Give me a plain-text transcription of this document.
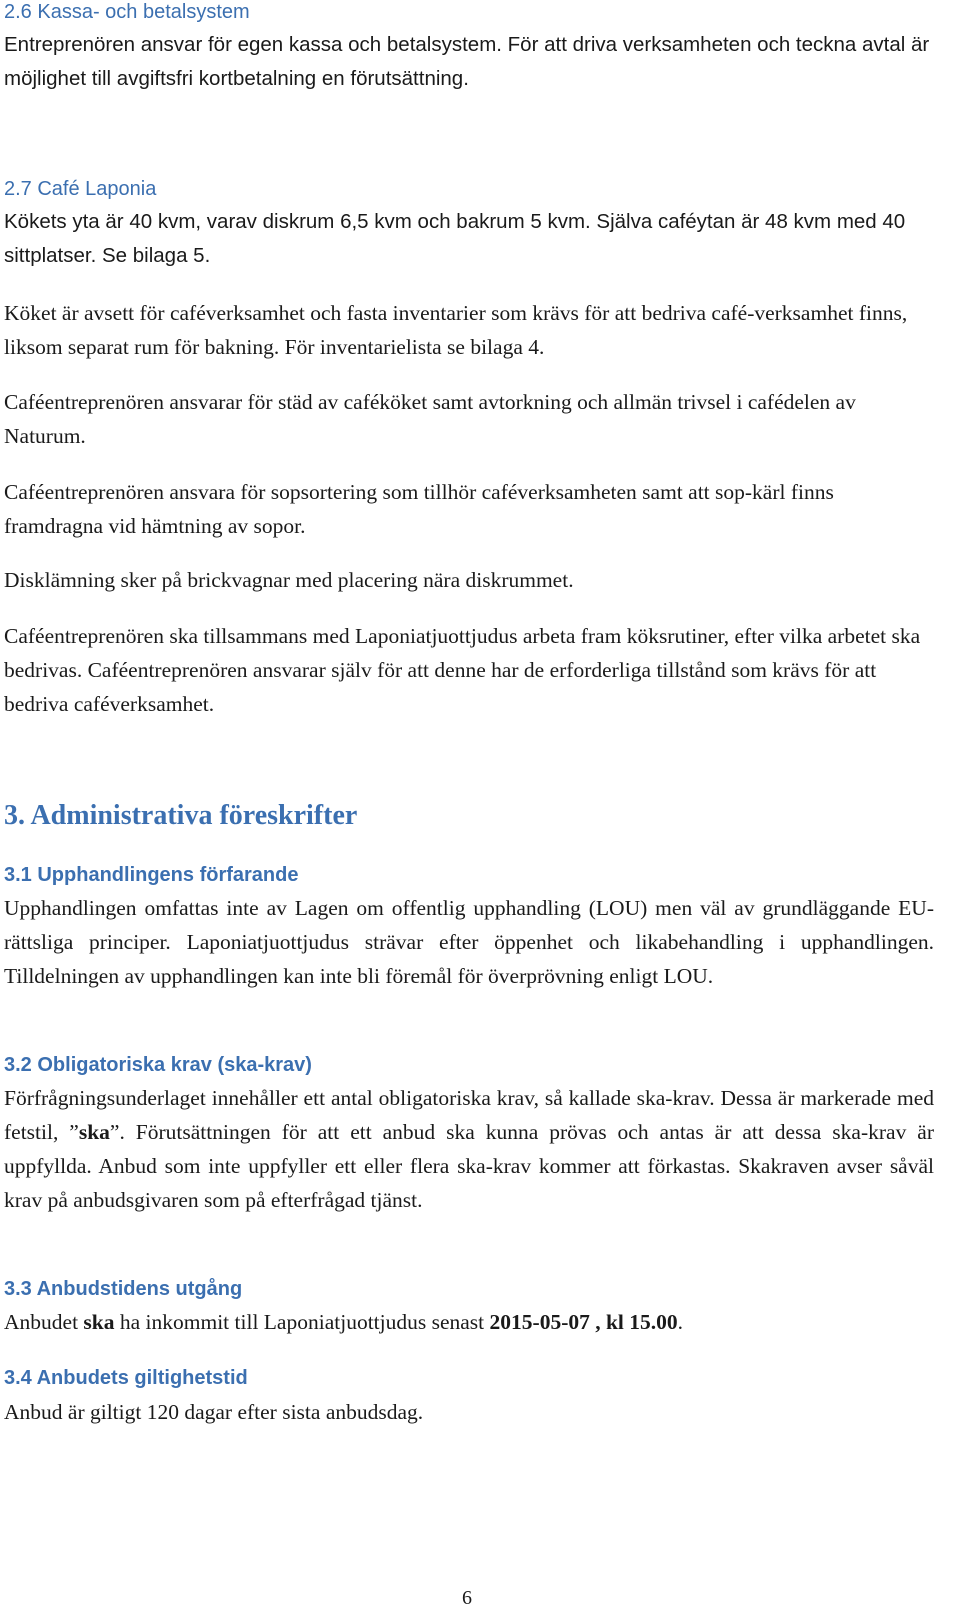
2.6 Kassa- och betalsystem

Entreprenören ansvar för egen kassa och betalsystem. För att driva verksamheten och teckna avtal är möjlighet till avgiftsfri kortbetalning en förutsättning.

2.7 Café Laponia

Kökets yta är 40 kvm, varav diskrum 6,5 kvm och bakrum 5 kvm. Själva caféytan är 48 kvm med 40 sittplatser. Se bilaga 5.

Köket är avsett för caféverksamhet och fasta inventarier som krävs för att bedriva café-verksamhet finns, liksom separat rum för bakning. För inventarielista se bilaga 4.

Caféentreprenören ansvarar för städ av caféköket samt avtorkning och allmän trivsel i cafédelen av Naturum.

Caféentreprenören ansvara för sopsortering som tillhör caféverksamheten samt att sop-kärl finns framdragna vid hämtning av sopor.

Disklämning sker på brickvagnar med placering nära diskrummet.

Caféentreprenören ska tillsammans med Laponiatjuottjudus arbeta fram köksrutiner, efter vilka arbetet ska bedrivas. Caféentreprenören ansvarar själv för att denne har de erforderliga tillstånd som krävs för att bedriva caféverksamhet.

3. Administrativa föreskrifter
3.1 Upphandlingens förfarande

Upphandlingen omfattas inte av Lagen om offentlig upphandling (LOU) men väl av grundläggande EU-rättsliga principer. Laponiatjuottjudus strävar efter öppenhet och likabehandling i upphandlingen. Tilldelningen av upphandlingen kan inte bli föremål för överprövning enligt LOU.

3.2 Obligatoriska krav (ska-krav)

Förfrågningsunderlaget innehåller ett antal obligatoriska krav, så kallade ska-krav. Dessa är markerade med fetstil, ”ska”. Förutsättningen för att ett anbud ska kunna prövas och antas är att dessa ska-krav är uppfyllda. Anbud som inte uppfyller ett eller flera ska-krav kommer att förkastas. Skakraven avser såväl krav på anbudsgivaren som på efterfrågad tjänst.

3.3 Anbudstidens utgång

Anbudet ska ha inkommit till Laponiatjuottjudus senast 2015-05-07 , kl 15.00.

3.4 Anbudets giltighetstid

Anbud är giltigt 120 dagar efter sista anbudsdag.

6
